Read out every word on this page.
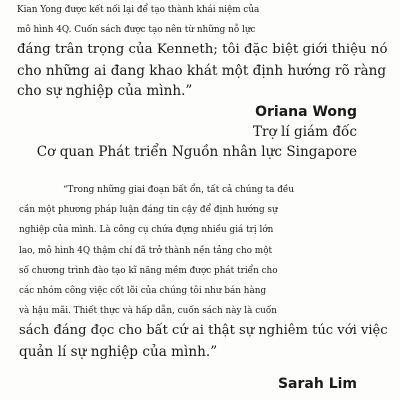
Kian Yong được kết nối lại để tạo thành khái niệm của
mô hình 4Q. Cuốn sách được tạo nên từ những nỗ lực
đáng trân trọng của Kenneth; tôi đặc biệt giới thiệu nó
cho những ai đang khao khát một định hướng rõ ràng
cho sự nghiệp của mình.”
Oriana Wong
Trợ lí giám đốc
Cơ quan Phát triển Nguồn nhân lực Singapore
“Trong những giai đoạn bất ổn, tất cả chúng ta đều
cần một phương pháp luận đáng tin cậy để định hướng sự
nghiệp của mình. Là công cụ chứa đựng nhiều giá trị lớn
lao, mô hình 4Q thậm chí đã trở thành nền tảng cho một
số chương trình đào tạo kĩ năng mềm được phát triển cho
các nhóm công việc cốt lõi của chúng tôi như bán hàng
và hậu mãi. Thiết thực và hấp dẫn, cuốn sách này là cuốn
sách đáng đọc cho bất cứ ai thật sự nghiêm túc với việc
quản lí sự nghiệp của mình.”
Sarah Lim
